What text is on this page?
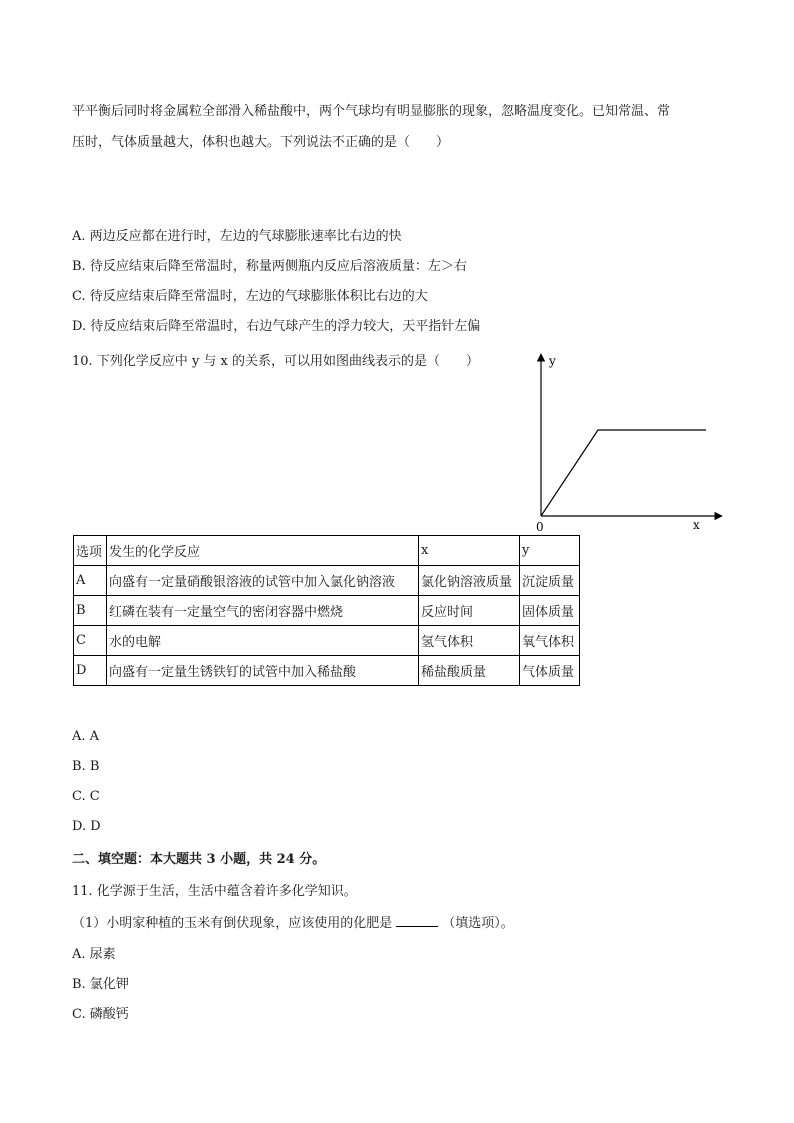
平平衡后同时将金属粒全部滑入稀盐酸中，两个气球均有明显膨胀的现象，忽略温度变化。已知常温、常
压时，气体质量越大，体积也越大。下列说法不正确的是（　　）
A. 两边反应都在进行时，左边的气球膨胀速率比右边的快
B. 待反应结束后降至常温时，称量两侧瓶内反应后溶液质量：左＞右
C. 待反应结束后降至常温时，左边的气球膨胀体积比右边的大
D. 待反应结束后降至常温时，右边气球产生的浮力较大，天平指针左偏
10. 下列化学反应中 y 与 x 的关系，可以用如图曲线表示的是（　　）	y
x
0
选项	发生的化学反应	x	y
A	向盛有一定量硝酸银溶液的试管中加入氯化钠溶液	氯化钠溶液质量	沉淀质量
B	红磷在装有一定量空气的密闭容器中燃烧	反应时间	固体质量
C	水的电解	氢气体积	氧气体积
D	向盛有一定量生锈铁钉的试管中加入稀盐酸	稀盐酸质量	气体质量
A. A
B. B
C. C
D. D
二、填空题：本大题共 3 小题，共 24 分。
11. 化学源于生活，生活中蕴含着许多化学知识。
（1）小明家种植的玉米有倒伏现象，应该使用的化肥是	（填选项）。
A. 尿素
B. 氯化钾
C. 磷酸钙
